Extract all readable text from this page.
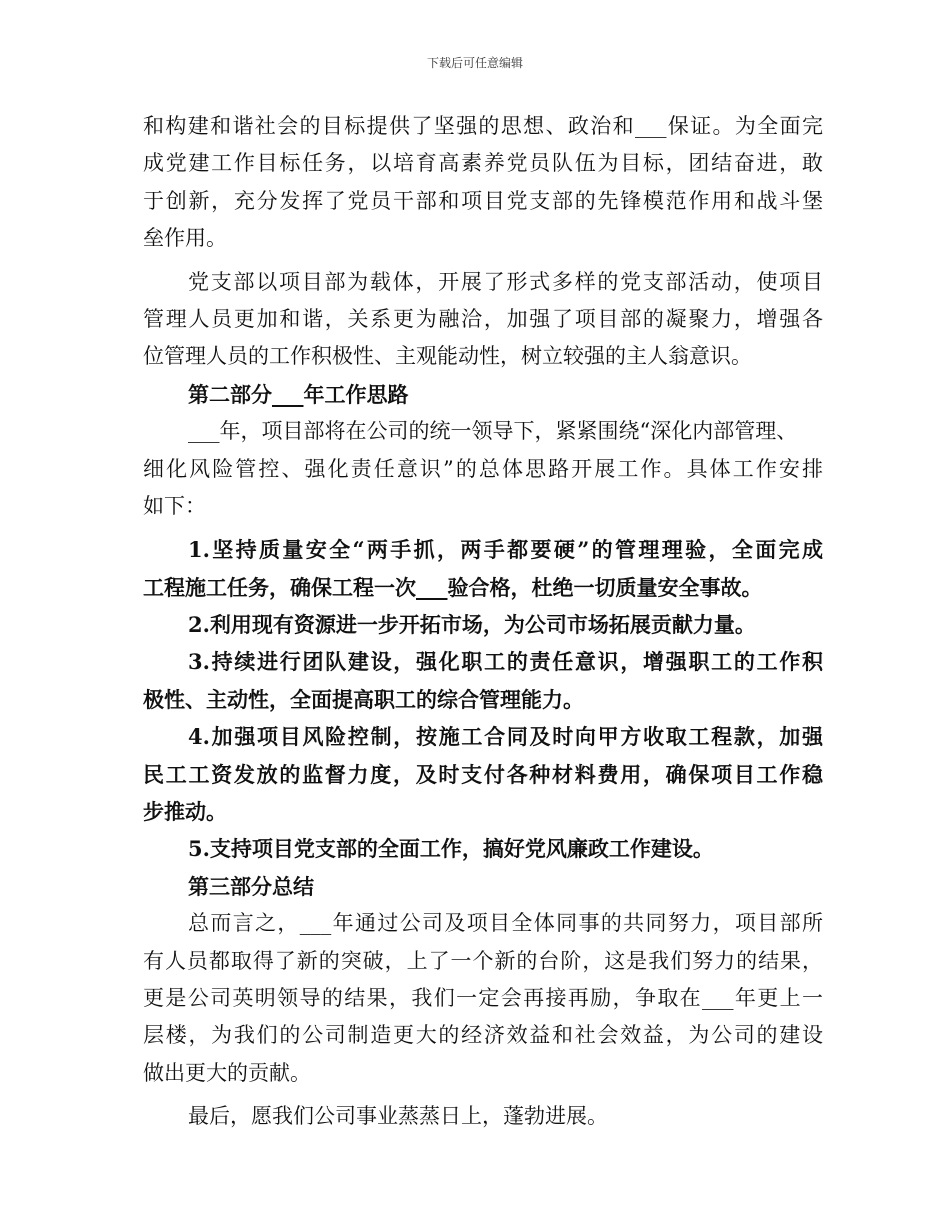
下载后可任意编辑
和构建和谐社会的目标提供了坚强的思想、政治和___保证。为全面完
成党建工作目标任务，以培育高素养党员队伍为目标，团结奋进，敢
于创新，充分发挥了党员干部和项目党支部的先锋模范作用和战斗堡
垒作用。
党支部以项目部为载体，开展了形式多样的党支部活动，使项目
管理人员更加和谐，关系更为融洽，加强了项目部的凝聚力，增强各
位管理人员的工作积极性、主观能动性，树立较强的主人翁意识。
第二部分___年工作思路
___年，项目部将在公司的统一领导下，紧紧围绕“深化内部管理、
细化风险管控、强化责任意识”的总体思路开展工作。具体工作安排
如下：
1.坚持质量安全“两手抓，两手都要硬”的管理理验，全面完成
工程施工任务，确保工程一次___验合格，杜绝一切质量安全事故。
2.利用现有资源进一步开拓市场，为公司市场拓展贡献力量。
3.持续进行团队建设，强化职工的责任意识，增强职工的工作积
极性、主动性，全面提高职工的综合管理能力。
4.加强项目风险控制，按施工合同及时向甲方收取工程款，加强
民工工资发放的监督力度，及时支付各种材料费用，确保项目工作稳
步推动。
5.支持项目党支部的全面工作，搞好党风廉政工作建设。
第三部分总结
总而言之，___年通过公司及项目全体同事的共同努力，项目部所
有人员都取得了新的突破，上了一个新的台阶，这是我们努力的结果，
更是公司英明领导的结果，我们一定会再接再励，争取在___年更上一
层楼，为我们的公司制造更大的经济效益和社会效益，为公司的建设
做出更大的贡献。
最后，愿我们公司事业蒸蒸日上，蓬勃进展。
